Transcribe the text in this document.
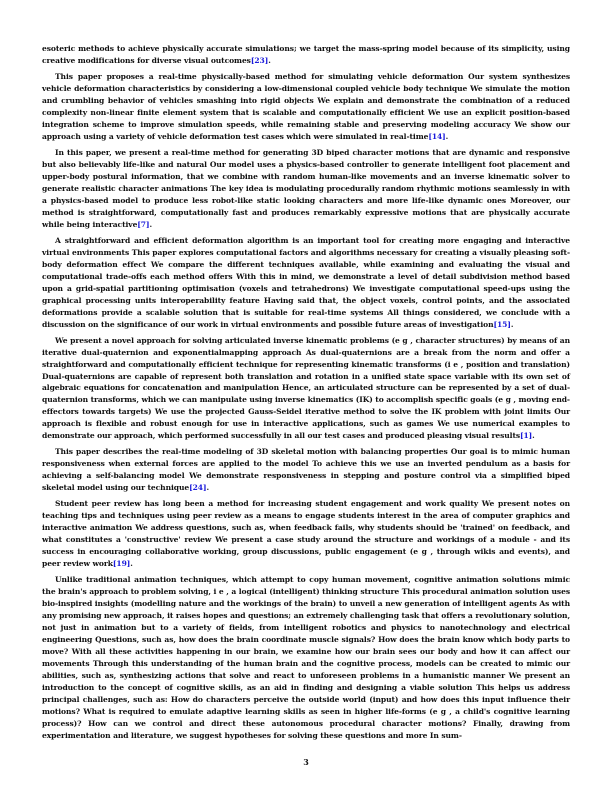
esoteric methods to achieve physically accurate simulations; we target the mass-spring model because of its simplicity, using creative modifications for diverse visual outcomes[23].

This paper proposes a real-time physically-based method for simulating vehicle deformation Our system synthesizes vehicle deformation characteristics by considering a low-dimensional coupled vehicle body technique We simulate the motion and crumbling behavior of vehicles smashing into rigid objects We explain and demonstrate the combination of a reduced complexity non-linear finite element system that is scalable and computationally efficient We use an explicit position-based integration scheme to improve simulation speeds, while remaining stable and preserving modeling accuracy We show our approach using a variety of vehicle deformation test cases which were simulated in real-time[14].

In this paper, we present a real-time method for generating 3D biped character motions that are dynamic and responsive but also believably life-like and natural Our model uses a physics-based controller to generate intelligent foot placement and upper-body postural information, that we combine with random human-like movements and an inverse kinematic solver to generate realistic character animations The key idea is modulating procedurally random rhythmic motions seamlessly in with a physics-based model to produce less robot-like static looking characters and more life-like dynamic ones Moreover, our method is straightforward, computationally fast and produces remarkably expressive motions that are physically accurate while being interactive[7].

A straightforward and efficient deformation algorithm is an important tool for creating more engaging and interactive virtual environments This paper explores computational factors and algorithms necessary for creating a visually pleasing soft-body deformation effect We compare the different techniques available, while examining and evaluating the visual and computational trade-offs each method offers With this in mind, we demonstrate a level of detail subdivision method based upon a grid-spatial partitioning optimisation (voxels and tetrahedrons) We investigate computational speed-ups using the graphical processing units interoperability feature Having said that, the object voxels, control points, and the associated deformations provide a scalable solution that is suitable for real-time systems All things considered, we conclude with a discussion on the significance of our work in virtual environments and possible future areas of investigation[15].

We present a novel approach for solving articulated inverse kinematic problems (e g , character structures) by means of an iterative dual-quaternion and exponentialmapping approach As dual-quaternions are a break from the norm and offer a straightforward and computationally efficient technique for representing kinematic transforms (i e , position and translation) Dual-quaternions are capable of represent both translation and rotation in a unified state space variable with its own set of algebraic equations for concatenation and manipulation Hence, an articulated structure can be represented by a set of dual-quaternion transforms, which we can manipulate using inverse kinematics (IK) to accomplish specific goals (e g , moving end-effectors towards targets) We use the projected Gauss-Seidel iterative method to solve the IK problem with joint limits Our approach is flexible and robust enough for use in interactive applications, such as games We use numerical examples to demonstrate our approach, which performed successfully in all our test cases and produced pleasing visual results[1].

This paper describes the real-time modeling of 3D skeletal motion with balancing properties Our goal is to mimic human responsiveness when external forces are applied to the model To achieve this we use an inverted pendulum as a basis for achieving a self-balancing model We demonstrate responsiveness in stepping and posture control via a simplified biped skeletal model using our technique[24].

Student peer review has long been a method for increasing student engagement and work quality We present notes on teaching tips and techniques using peer review as a means to engage students interest in the area of computer graphics and interactive animation We address questions, such as, when feedback fails, why students should be 'trained' on feedback, and what constitutes a 'constructive' review We present a case study around the structure and workings of a module - and its success in encouraging collaborative working, group discussions, public engagement (e g , through wikis and events), and peer review work[19].

Unlike traditional animation techniques, which attempt to copy human movement, cognitive animation solutions mimic the brain's approach to problem solving, i e , a logical (intelligent) thinking structure This procedural animation solution uses bio-inspired insights (modelling nature and the workings of the brain) to unveil a new generation of intelligent agents As with any promising new approach, it raises hopes and questions; an extremely challenging task that offers a revolutionary solution, not just in animation but to a variety of fields, from intelligent robotics and physics to nanotechnology and electrical engineering Questions, such as, how does the brain coordinate muscle signals? How does the brain know which body parts to move? With all these activities happening in our brain, we examine how our brain sees our body and how it can affect our movements Through this understanding of the human brain and the cognitive process, models can be created to mimic our abilities, such as, synthesizing actions that solve and react to unforeseen problems in a humanistic manner We present an introduction to the concept of cognitive skills, as an aid in finding and designing a viable solution This helps us address principal challenges, such as: How do characters perceive the outside world (input) and how does this input influence their motions? What is required to emulate adaptive learning skills as seen in higher life-forms (e g , a child's cognitive learning process)? How can we control and direct these autonomous procedural character motions? Finally, drawing from experimentation and literature, we suggest hypotheses for solving these questions and more In sum-

3
